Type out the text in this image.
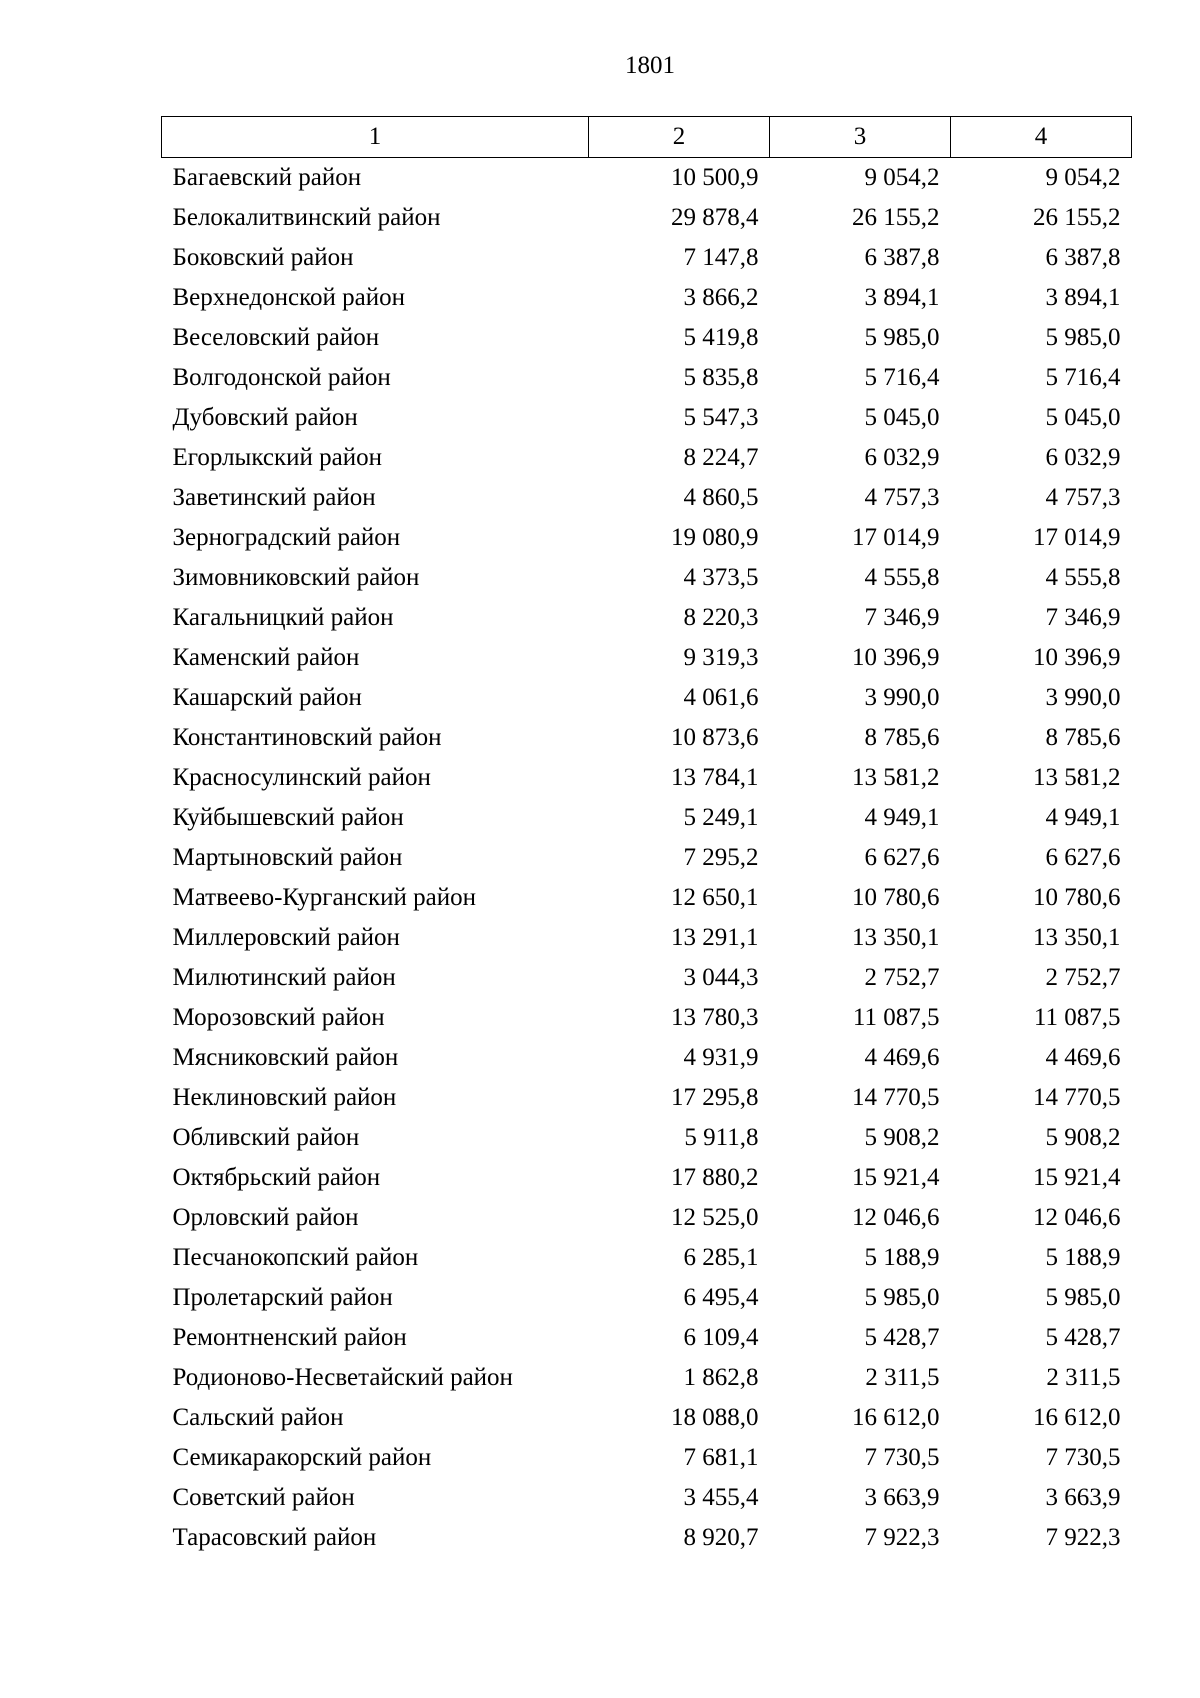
1801
1	2	3	4
Багаевский район	10 500,9	9 054,2	9 054,2
Белокалитвинский район	29 878,4	26 155,2	26 155,2
Боковский район	7 147,8	6 387,8	6 387,8
Верхнедонской район	3 866,2	3 894,1	3 894,1
Веселовский район	5 419,8	5 985,0	5 985,0
Волгодонской район	5 835,8	5 716,4	5 716,4
Дубовский район	5 547,3	5 045,0	5 045,0
Егорлыкский район	8 224,7	6 032,9	6 032,9
Заветинский район	4 860,5	4 757,3	4 757,3
Зерноградский район	19 080,9	17 014,9	17 014,9
Зимовниковский район	4 373,5	4 555,8	4 555,8
Кагальницкий район	8 220,3	7 346,9	7 346,9
Каменский район	9 319,3	10 396,9	10 396,9
Кашарский район	4 061,6	3 990,0	3 990,0
Константиновский район	10 873,6	8 785,6	8 785,6
Красносулинский район	13 784,1	13 581,2	13 581,2
Куйбышевский район	5 249,1	4 949,1	4 949,1
Мартыновский район	7 295,2	6 627,6	6 627,6
Матвеево-Курганский район	12 650,1	10 780,6	10 780,6
Миллеровский район	13 291,1	13 350,1	13 350,1
Милютинский район	3 044,3	2 752,7	2 752,7
Морозовский район	13 780,3	11 087,5	11 087,5
Мясниковский район	4 931,9	4 469,6	4 469,6
Неклиновский район	17 295,8	14 770,5	14 770,5
Обливский район	5 911,8	5 908,2	5 908,2
Октябрьский район	17 880,2	15 921,4	15 921,4
Орловский район	12 525,0	12 046,6	12 046,6
Песчанокопский район	6 285,1	5 188,9	5 188,9
Пролетарский район	6 495,4	5 985,0	5 985,0
Ремонтненский район	6 109,4	5 428,7	5 428,7
Родионово-Несветайский район	1 862,8	2 311,5	2 311,5
Сальский район	18 088,0	16 612,0	16 612,0
Семикаракорский район	7 681,1	7 730,5	7 730,5
Советский район	3 455,4	3 663,9	3 663,9
Тарасовский район	8 920,7	7 922,3	7 922,3
